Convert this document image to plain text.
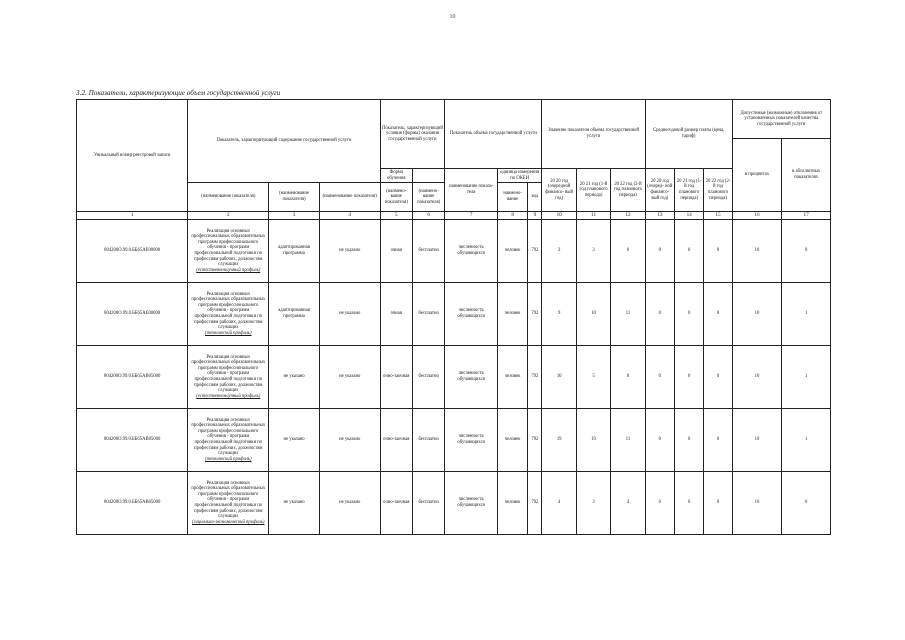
10
3.2. Показатели, характеризующие объем государственной услуги
Уникальный номер реестровой записи	Показатель, характеризующий содержание государственной услуги			Показатель, характеризующий условия (формы) оказания государственной услуги		Показатель объема государственной услуги			Значение показателя объема государственной услуги			Среднегодовой размер платы (цена, тариф)			Допустимые (возможные) отклонения от установленных показателей качества государственной услуги	
															в процентах	в абсолютных показателях
				Форма обучения		наименование показа- теля	единица измерения по ОКЕИ		20 20 год (очередной финансо- вый год)	20 21 год (1-й год планового периода)	20 22 год (2-й год планового периода)	20 20 год (очеред- ной финансо- вый год)	20 21 год (1-й год планового периода)	20 22 год (2-й год планового периода)		
	(наименование показателя)	(наименование показателя)	(наименование показателя)	(наимено- вание показателя)	(наимено- вание показателя)		наимено- вание	код								
1	2	3	4	5	6	7	8	9	10	11	12	13	14	15	16	17
804200О.99.0.ББ65АЕ00000	Реализация основных профессиональных образовательных программ профессионального обучения - программ профессиональной подготовки по профессиям рабочих, должностям служащих
(естественнонаучный профиль)	адаптированная программа	не указано	очная	бесплатно	численность обучающихся	человек	792	3	3	6	0	0	0	10	0
804200О.99.0.ББ65АЕ00000	Реализация основных профессиональных образовательных программ профессионального обучения - программ профессиональной подготовки по профессиям рабочих, должностям служащих
(технический профиль)	адаптированная программа	не указано	очная	бесплатно	численность обучающихся	человек	792	9	10	11	0	0	0	10	1
804200О.99.0.ББ65АВ05000	Реализация основных профессиональных образовательных программ профессионального обучения - программ профессиональной подготовки по профессиям рабочих, должностям служащих
(естественнонаучный профиль)	не указано	не указано	очно-заочная	бесплатно	численность обучающихся	человек	792	10	5	8	0	0	0	10	1
804200О.99.0.ББ65АВ05000	Реализация основных профессиональных образовательных программ профессионального обучения - программ профессиональной подготовки по профессиям рабочих, должностям служащих
(технический профиль)	не указано	не указано	очно-заочная	бесплатно	численность обучающихся	человек	792	19	19	11	0	0	0	10	1
804200О.99.0.ББ65АВ05000	Реализация основных профессиональных образовательных программ профессионального обучения - программ профессиональной подготовки по профессиям рабочих, должностям служащих
(социально-экономический профиль)	не указано	не указано	очно-заочная	бесплатно	численность обучающихся	человек	792	4	3	4	0	0	0	10	0
